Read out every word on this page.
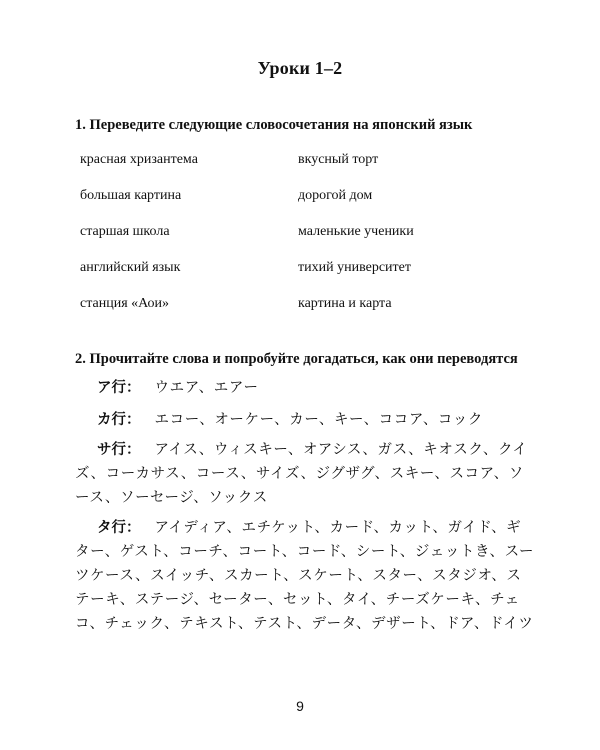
Уроки 1–2
1. Переведите следующие словосочетания на японский язык
красная хризантема	вкусный торт
большая картина	дорогой дом
старшая школа	маленькие ученики
английский язык	тихий университет
станция «Аои»	картина и карта
2. Прочитайте слова и попробуйте догадаться, как они переводятся
ア行： ウエア、エアー
カ行： エコー、オーケー、カー、キー、ココア、コック
サ行： アイス、ウィスキー、オアシス、ガス、キオスク、クイズ、コーカサス、コース、サイズ、ジグザグ、スキー、スコア、ソース、ソーセージ、ソックス
タ行： アイディア、エチケット、カード、カット、ガイド、ギター、ゲスト、コーチ、コート、コード、シート、ジェットき、スーツケース、スイッチ、スカート、スケート、スター、スタジオ、ステーキ、ステージ、セーター、セット、タイ、チーズケーキ、チェコ、チェック、テキスト、テスト、データ、デザート、ドア、ドイツ
9
